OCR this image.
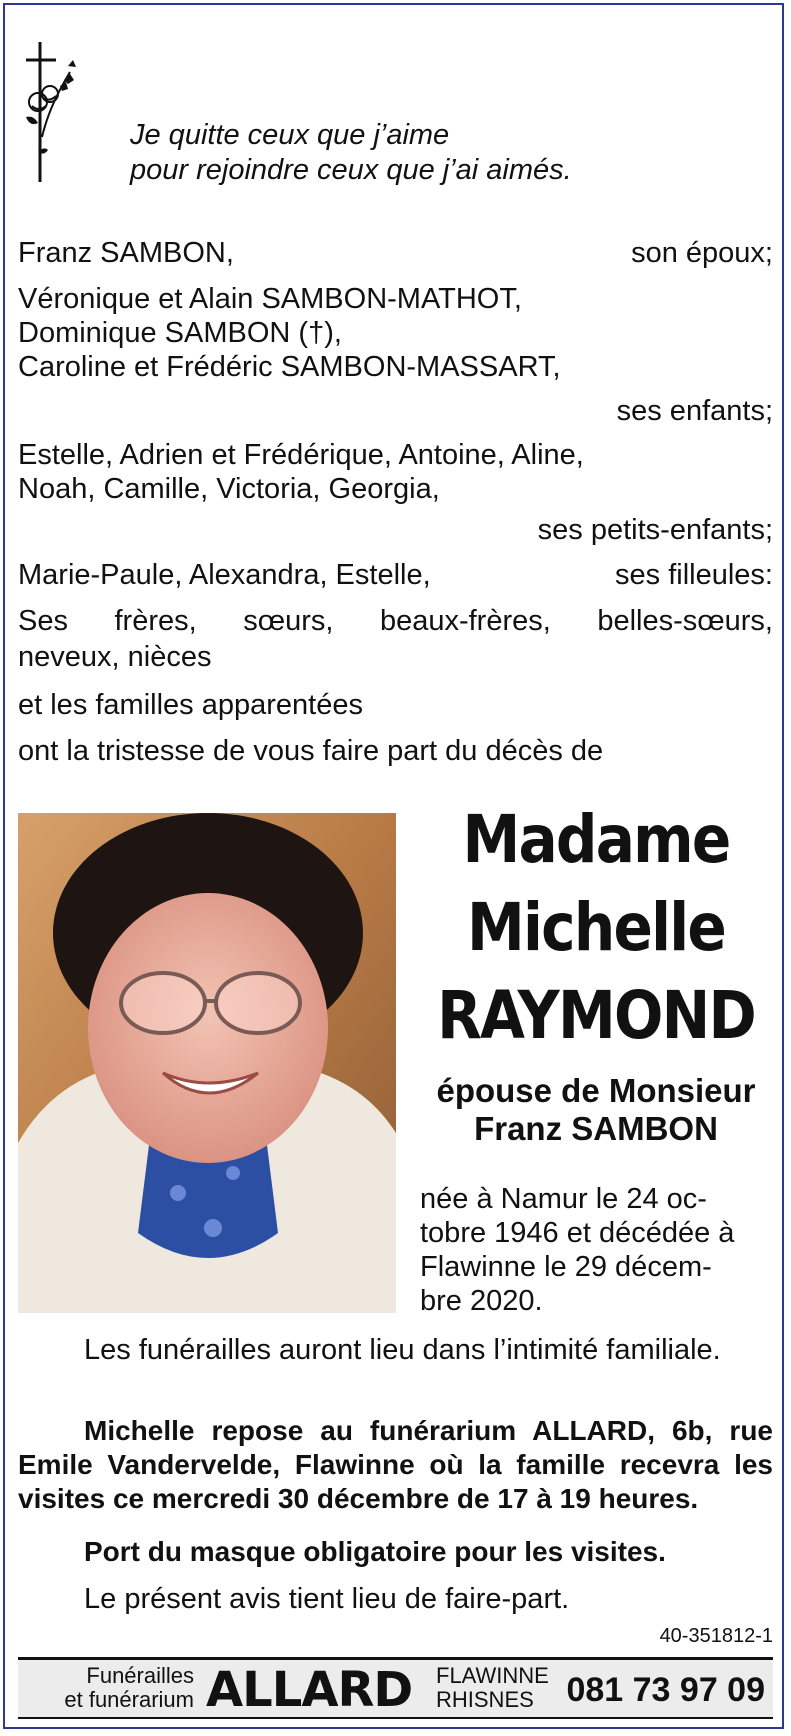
Je quitte ceux que j’aime
pour rejoindre ceux que j’ai aimés.
Franz SAMBON,	son époux;
Véronique et Alain SAMBON-MATHOT,
Dominique SAMBON (†),
Caroline et Frédéric SAMBON-MASSART,
ses enfants;
Estelle, Adrien et Frédérique, Antoine, Aline,
Noah, Camille, Victoria, Georgia,
ses petits-enfants;
Marie-Paule, Alexandra, Estelle,	ses filleules:
Ses frères, sœurs, beaux-frères, belles-sœurs,
neveux, nièces
et les familles apparentées
ont la tristesse de vous faire part du décès de
Madame
Michelle
RAYMOND
épouse de Monsieur
Franz SAMBON
née à Namur le 24 oc-
tobre 1946 et décédée à
Flawinne le 29 décem-
bre 2020.
Les funérailles auront lieu dans l’intimité familiale.
Michelle repose au funérarium ALLARD, 6b, rue Emile Vandervelde, Flawinne où la famille recevra les visites ce mercredi 30 décembre de 17 à 19 heures.
Port du masque obligatoire pour les visites.
Le présent avis tient lieu de faire-part.
40-351812-1
Funérailles
et funérarium ALLARD FLAWINNE
RHISNES 081 73 97 09
